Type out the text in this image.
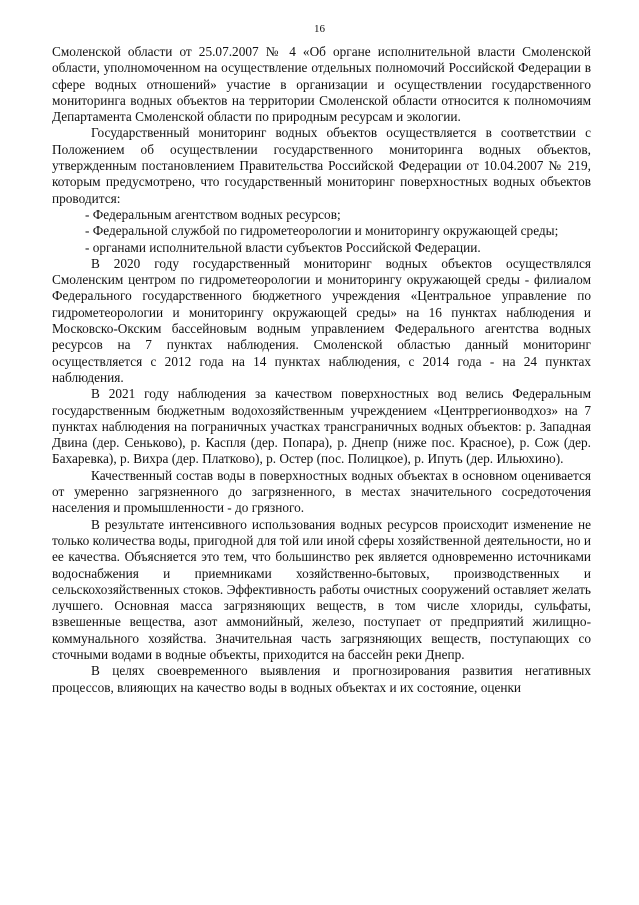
16

Смоленской области от 25.07.2007 № 4 «Об органе исполнительной власти Смоленской области, уполномоченном на осуществление отдельных полномочий Российской Федерации в сфере водных отношений» участие в организации и осуществлении государственного мониторинга водных объектов на территории Смоленской области относится к полномочиям Департамента Смоленской области по природным ресурсам и экологии.

Государственный мониторинг водных объектов осуществляется в соответствии с Положением об осуществлении государственного мониторинга водных объектов, утвержденным постановлением Правительства Российской Федерации от 10.04.2007 № 219, которым предусмотрено, что государственный мониторинг поверхностных водных объектов проводится:

- Федеральным агентством водных ресурсов;

- Федеральной службой по гидрометеорологии и мониторингу окружающей среды;

- органами исполнительной власти субъектов Российской Федерации.

В 2020 году государственный мониторинг водных объектов осуществлялся Смоленским центром по гидрометеорологии и мониторингу окружающей среды - филиалом Федерального государственного бюджетного учреждения «Центральное управление по гидрометеорологии и мониторингу окружающей среды» на 16 пунктах наблюдения и Московско-Окским бассейновым водным управлением Федерального агентства водных ресурсов на 7 пунктах наблюдения. Смоленской областью данный мониторинг осуществляется с 2012 года на 14 пунктах наблюдения, с 2014 года - на 24 пунктах наблюдения.

В 2021 году наблюдения за качеством поверхностных вод велись Федеральным государственным бюджетным водохозяйственным учреждением «Центррегионводхоз» на 7 пунктах наблюдения на пограничных участках трансграничных водных объектов: р. Западная Двина (дер. Сеньково), р. Каспля (дер. Попара), р. Днепр (ниже пос. Красное), р. Сож (дер. Бахаревка), р. Вихра (дер. Платково), р. Остер (пос. Полицкое), р. Ипуть (дер. Ильюхино).

Качественный состав воды в поверхностных водных объектах в основном оценивается от умеренно загрязненного до загрязненного, в местах значительного сосредоточения населения и промышленности - до грязного.

В результате интенсивного использования водных ресурсов происходит изменение не только количества воды, пригодной для той или иной сферы хозяйственной деятельности, но и ее качества. Объясняется это тем, что большинство рек является одновременно источниками водоснабжения и приемниками хозяйственно-бытовых, производственных и сельскохозяйственных стоков. Эффективность работы очистных сооружений оставляет желать лучшего. Основная масса загрязняющих веществ, в том числе хлориды, сульфаты, взвешенные вещества, азот аммонийный, железо, поступает от предприятий жилищно-коммунального хозяйства. Значительная часть загрязняющих веществ, поступающих со сточными водами в водные объекты, приходится на бассейн реки Днепр.

В целях своевременного выявления и прогнозирования развития негативных процессов, влияющих на качество воды в водных объектах и их состояние, оценки
